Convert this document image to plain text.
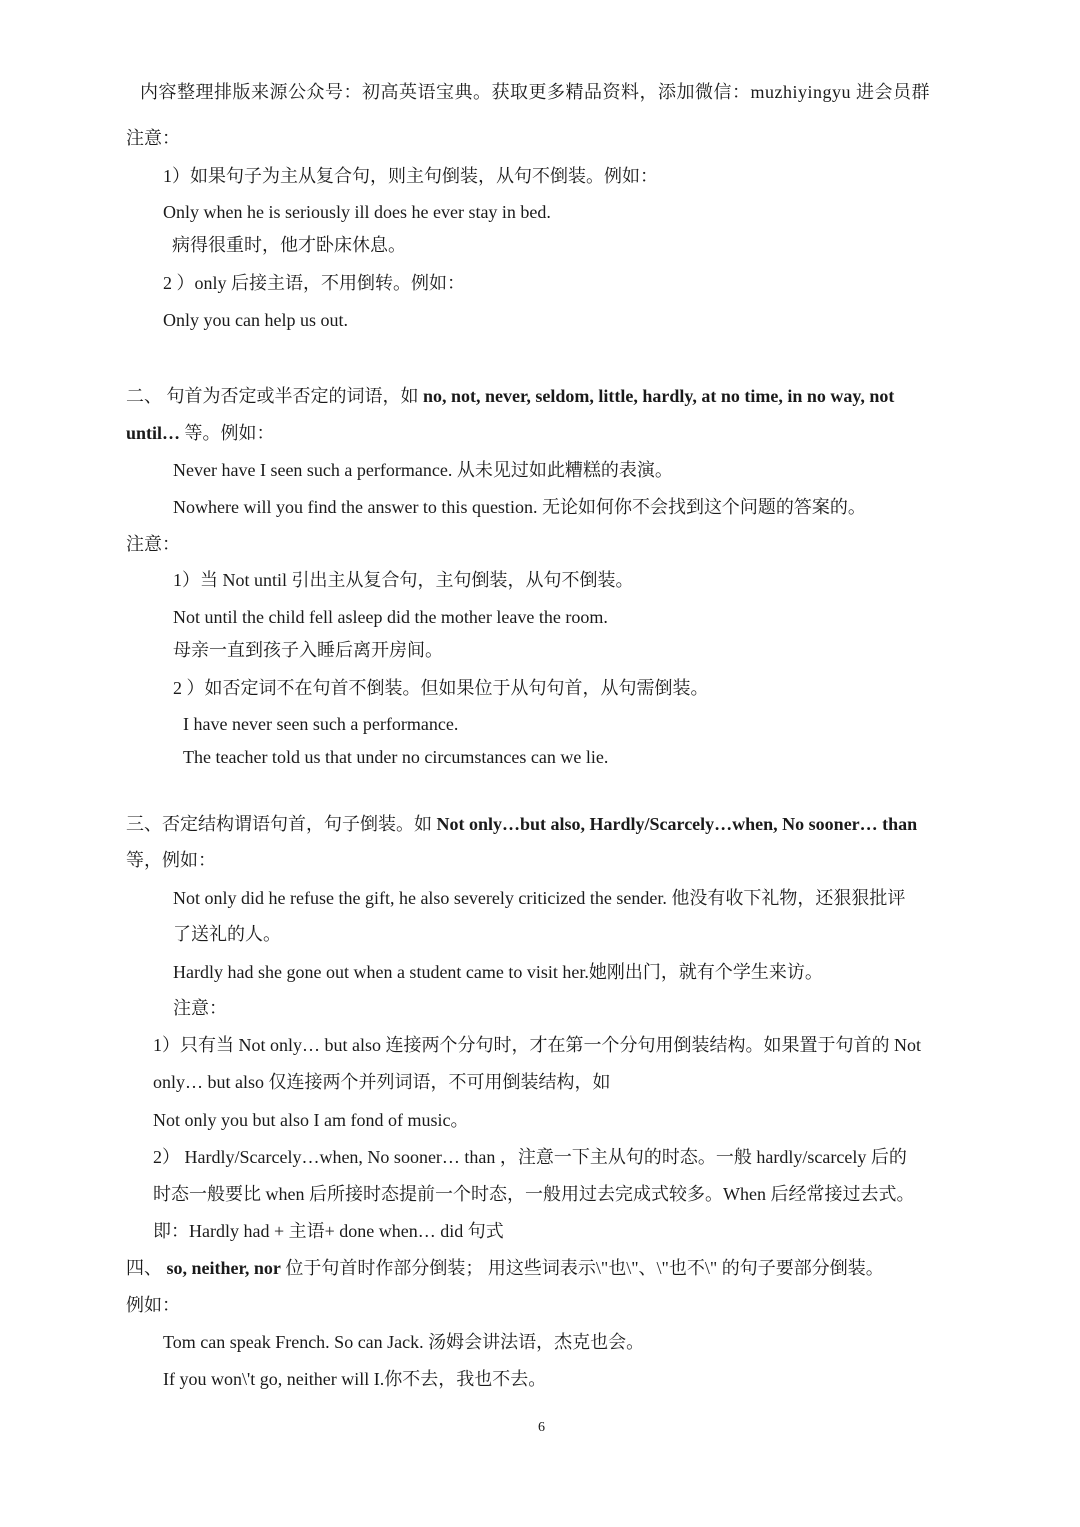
内容整理排版来源公众号：初高英语宝典。获取更多精品资料，添加微信：muzhiyingyu 进会员群
注意：
1）如果句子为主从复合句，则主句倒装，从句不倒装。例如：
Only when he is seriously ill does he ever stay in bed.
病得很重时，他才卧床休息。
2 ）only 后接主语，不用倒转。例如：
Only you can help us out.
二、 句首为否定或半否定的词语，如 no, not, never, seldom, little, hardly, at no time, in no way, not
until… 等。例如：
Never have I seen such a performance. 从未见过如此糟糕的表演。
Nowhere will you find the answer to this question. 无论如何你不会找到这个问题的答案的。
注意：
1）当 Not until 引出主从复合句，主句倒装，从句不倒装。
Not until the child fell asleep did the mother leave the room.
母亲一直到孩子入睡后离开房间。
2 ）如否定词不在句首不倒装。但如果位于从句句首，从句需倒装。
I have never seen such a performance.
The teacher told us that under no circumstances can we lie.
三、否定结构谓语句首，句子倒装。如 Not only…but also, Hardly/Scarcely…when, No sooner… than
等，例如：
Not only did he refuse the gift, he also severely criticized the sender. 他没有收下礼物，还狠狠批评
了送礼的人。
Hardly had she gone out when a student came to visit her.她刚出门，就有个学生来访。
注意：
1）只有当 Not only… but also 连接两个分句时，才在第一个分句用倒装结构。如果置于句首的 Not
only… but also 仅连接两个并列词语，不可用倒装结构，如
Not only you but also I am fond of music。
2） Hardly/Scarcely…when, No sooner… than ，注意一下主从句的时态。一般 hardly/scarcely 后的
时态一般要比 when 后所接时态提前一个时态，一般用过去完成式较多。When 后经常接过去式。
即：Hardly had + 主语+ done when… did 句式
四、 so, neither, nor 位于句首时作部分倒装； 用这些词表示\"也\"、\"也不\" 的句子要部分倒装。
例如：
Tom can speak French. So can Jack. 汤姆会讲法语，杰克也会。
If you won\'t go, neither will I.你不去，我也不去。
6
